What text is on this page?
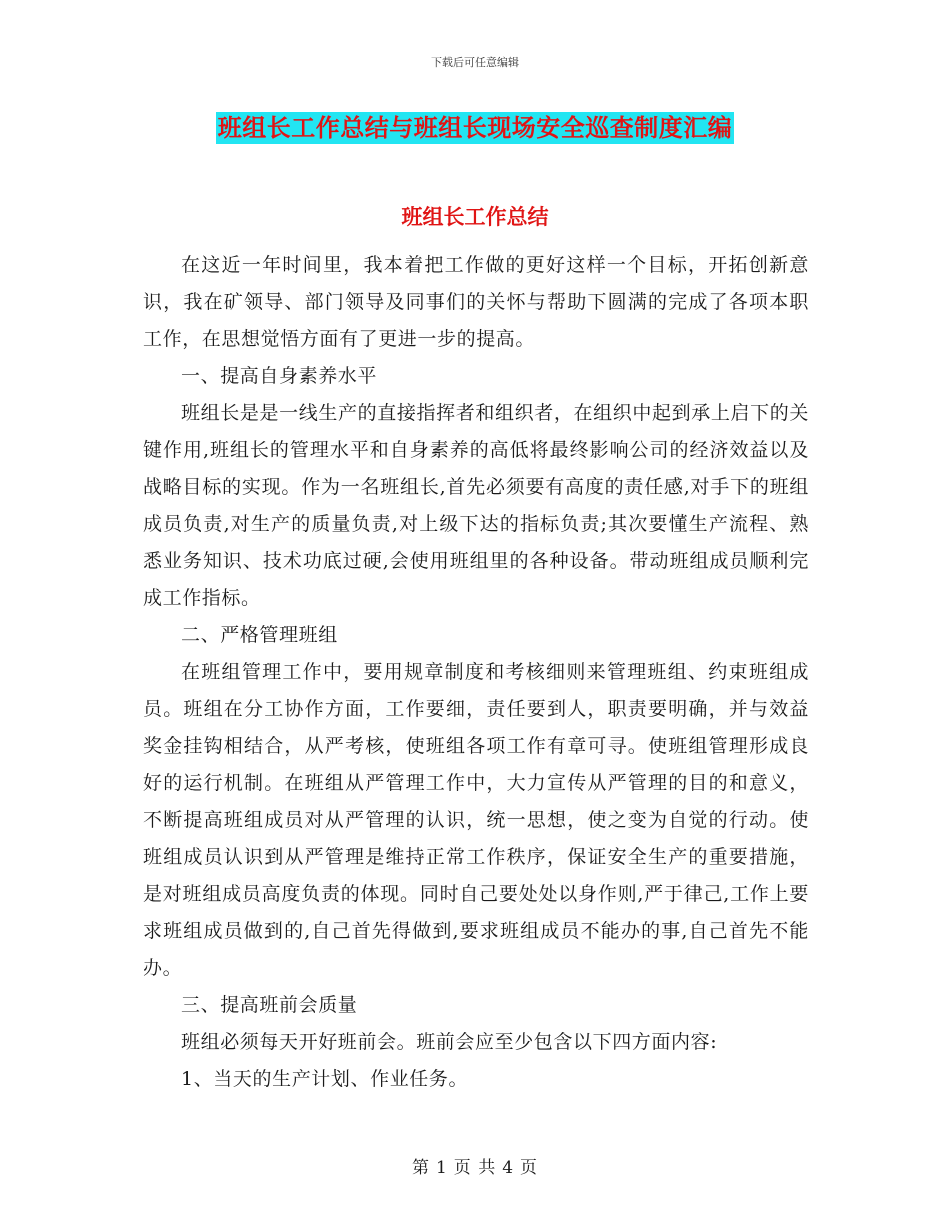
下载后可任意编辑
班组长工作总结与班组长现场安全巡查制度汇编
班组长工作总结

在这近一年时间里，我本着把工作做的更好这样一个目标，开拓创新意识，我在矿领导、部门领导及同事们的关怀与帮助下圆满的完成了各项本职工作，在思想觉悟方面有了更进一步的提高。

一、提高自身素养水平

班组长是是一线生产的直接指挥者和组织者，在组织中起到承上启下的关键作用,班组长的管理水平和自身素养的高低将最终影响公司的经济效益以及战略目标的实现。作为一名班组长,首先必须要有高度的责任感,对手下的班组成员负责,对生产的质量负责,对上级下达的指标负责;其次要懂生产流程、熟悉业务知识、技术功底过硬,会使用班组里的各种设备。带动班组成员顺利完成工作指标。

二、严格管理班组

在班组管理工作中，要用规章制度和考核细则来管理班组、约束班组成员。班组在分工协作方面，工作要细，责任要到人，职责要明确，并与效益奖金挂钩相结合，从严考核，使班组各项工作有章可寻。使班组管理形成良好的运行机制。在班组从严管理工作中，大力宣传从严管理的目的和意义，不断提高班组成员对从严管理的认识，统一思想，使之变为自觉的行动。使班组成员认识到从严管理是维持正常工作秩序，保证安全生产的重要措施，是对班组成员高度负责的体现。同时自己要处处以身作则,严于律己,工作上要求班组成员做到的,自己首先得做到,要求班组成员不能办的事,自己首先不能办。

三、提高班前会质量

班组必须每天开好班前会。班前会应至少包含以下四方面内容:

1、当天的生产计划、作业任务。

第 1 页 共 4 页
